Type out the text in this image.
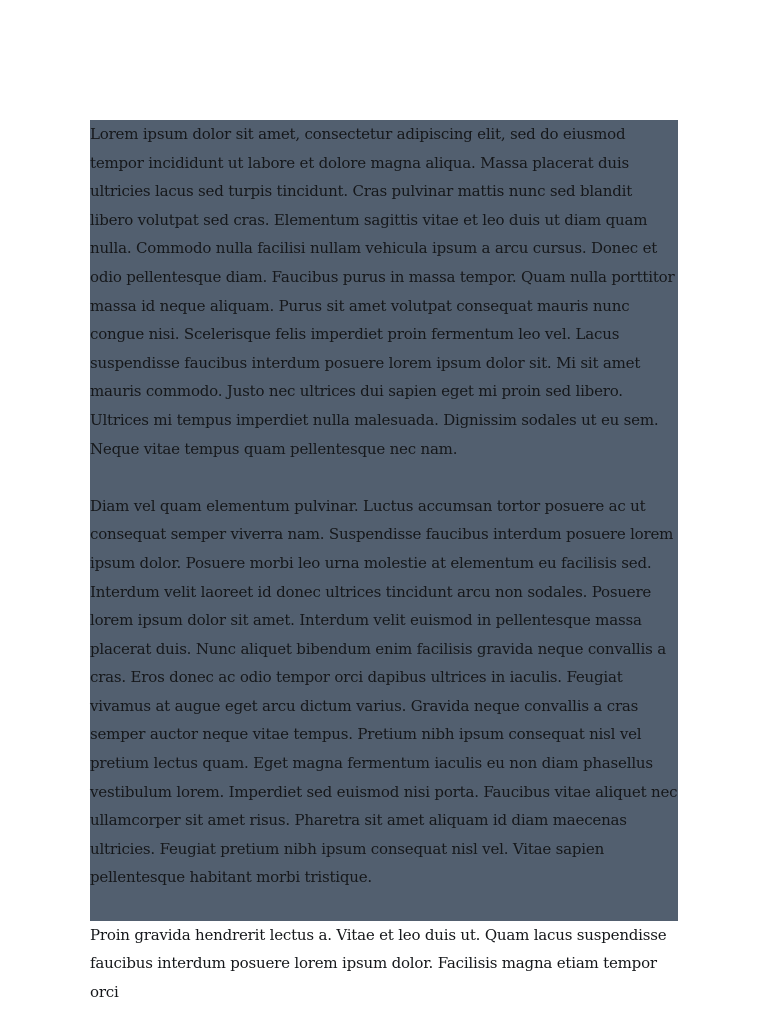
Lorem ipsum dolor sit amet, consectetur adipiscing elit, sed do eiusmod tempor incididunt ut labore et dolore magna aliqua. Massa placerat duis ultricies lacus sed turpis tincidunt. Cras pulvinar mattis nunc sed blandit libero volutpat sed cras. Elementum sagittis vitae et leo duis ut diam quam nulla. Commodo nulla facilisi nullam vehicula ipsum a arcu cursus. Donec et odio pellentesque diam. Faucibus purus in massa tempor. Quam nulla porttitor massa id neque aliquam. Purus sit amet volutpat consequat mauris nunc congue nisi. Scelerisque felis imperdiet proin fermentum leo vel. Lacus suspendisse faucibus interdum posuere lorem ipsum dolor sit. Mi sit amet mauris commodo. Justo nec ultrices dui sapien eget mi proin sed libero. Ultrices mi tempus imperdiet nulla malesuada. Dignissim sodales ut eu sem. Neque vitae tempus quam pellentesque nec nam.

Diam vel quam elementum pulvinar. Luctus accumsan tortor posuere ac ut consequat semper viverra nam. Suspendisse faucibus interdum posuere lorem ipsum dolor. Posuere morbi leo urna molestie at elementum eu facilisis sed. Interdum velit laoreet id donec ultrices tincidunt arcu non sodales. Posuere lorem ipsum dolor sit amet. Interdum velit euismod in pellentesque massa placerat duis. Nunc aliquet bibendum enim facilisis gravida neque convallis a cras. Eros donec ac odio tempor orci dapibus ultrices in iaculis. Feugiat vivamus at augue eget arcu dictum varius. Gravida neque convallis a cras semper auctor neque vitae tempus. Pretium nibh ipsum consequat nisl vel pretium lectus quam. Eget magna fermentum iaculis eu non diam phasellus vestibulum lorem. Imperdiet sed euismod nisi porta. Faucibus vitae aliquet nec ullamcorper sit amet risus. Pharetra sit amet aliquam id diam maecenas ultricies. Feugiat pretium nibh ipsum consequat nisl vel. Vitae sapien pellentesque habitant morbi tristique.

Proin gravida hendrerit lectus a. Vitae et leo duis ut. Quam lacus suspendisse faucibus interdum posuere lorem ipsum dolor. Facilisis magna etiam tempor orci
